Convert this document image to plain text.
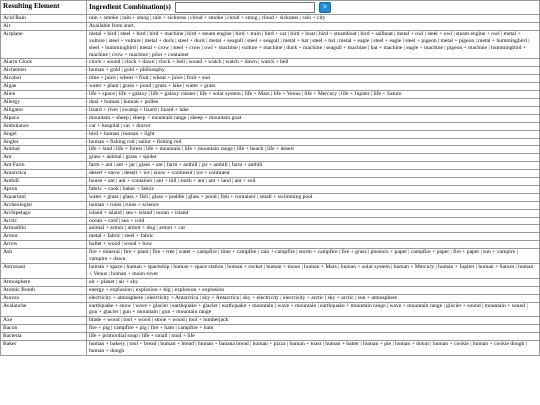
Resulting Element	Ingredient Combination(s) >

Acid Rain	rain + smoke | rain + smog | rain + sickness | cloud + smoke | cloud + smog | cloud + sickness | rain + city
Air	Available from start.
Airplane	metal + bird | steel + bird | bird + machine | bird + steam engine | bird + train | bird + car | bird + boat | bird + steamboat | bird + sailboat | metal + owl | steel + owl | steam engine + owl | metal + vulture | steel + vulture | metal + duck | steel + duck | metal + seagull | steel + seagull | metal + bat | steel + bat | metal + eagle | steel + eagle | steel + pigeon | metal + pigeon | metal + hummingbird | steel + hummingbird | metal + crow | steel + crow | owl + machine | vulture + machine | duck + machine | seagull + machine | bat + machine | eagle + machine | pigeon + machine | hummingbird + machine | crow + machine | pilot + container
Alarm Clock	clock + sound | clock + dawn | clock + bell | sound + watch | watch + dawn | watch + bell
Alchemist	human + gold | gold + philosophy
Alcohol	time + juice | wheat + fruit | wheat + juice | fruit + sun
Algae	water + plant | grass + pond | grass + lake | water + grass
Alien	life + space | life + galaxy | life + galaxy cluster | life + solar system | life + Mars | life + Venus | life + Mercury | life + Jupiter | life + Saturn
Allergy	dust + human | human + pollen
Alligator	lizard + river | swamp + lizard | lizard + lake
Alpaca	mountain + sheep | sheep + mountain range | sheep + mountain goat
Ambulance	car + hospital | car + doctor
Angel	bird + human | human + light
Angler	human + fishing rod | sailor + fishing rod
Animal	life + land | life + forest | life + mountain | life + mountain range | life + beach | life + desert
Ant	grass + animal | grass + spider
Ant Farm	farm + ant | ant + jar | glass + ant | farm + anthill | jar + anthill | farm + anthill
Antarctica	desert + snow | desert + ice | snow + continent | ice + continent
Anthill	house + ant | ant + container | ant + hill | earth + ant | ant + land | ant + soil
Apron	fabric + cook | baker + fabric
Aquarium	water + glass | glass + fish | glass + puddle | glass + pond | fish + container | small + swimming pool
Archeologist	human + ruins | ruins + science
Archipelago	island + island | sea + island | ocean + island
Arctic	ocean + cold | sea + cold
Armadillo	animal + armor | armor + dog | armor + cat
Armor	metal + fabric | steel + fabric
Arrow	bullet + wood | wood + bow
Ash	fire + mineral | fire + plant | fire + tree | water + campfire | time + campfire | rain + campfire | storm + campfire | fire + grass | phoenix + paper | campfire + paper | fire + paper | sun + vampire | vampire + dawn
Astronaut	human + space | human + spaceship | human + space station | human + rocket | human + moon | human + Mars | human + solar system | human + Mercury | human + Jupiter | human + Saturn | human + Venus | human + moon rover
Atmosphere	air + planet | air + sky
Atomic Bomb	energy + explosion | explosion + big | explosion + explosion
Aurora	electricity + atmosphere | electricity + Antarctica | sky + Antarctica | sky + electricity | electricity + arctic | sky + arctic | sun + atmosphere
Avalanche	earthquake + snow | wave + glacier | earthquake + glacier | earthquake + mountain | wave + mountain | earthquake + mountain range | wave + mountain range | glacier + sound | mountain + sound | gun + glacier | gun + mountain | gun + mountain range
Axe	blade + wood | tool + wood | stone + wood | tool + lumberjack
Bacon	fire + pig | campfire + pig | fire + ham | campfire + ham
Bacteria	life + primordial soup | life + small | mud + life
Baker	human + bakery | tool + bread | human + bread | human + banana bread | human + pizza | human + toast | human + batter | human + pie | human + donut | human + cookie | human + cookie dough | human + dough
